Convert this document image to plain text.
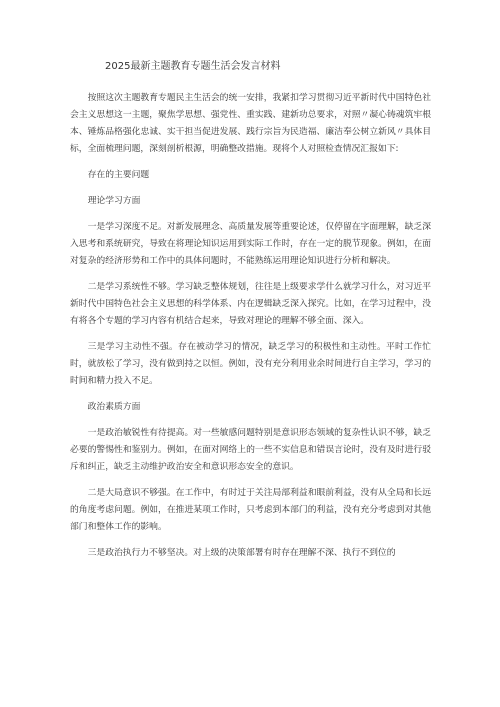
2025最新主题教育专题生活会发言材料

按照这次主题教育专题民主生活会的统一安排，我紧扣学习贯彻习近平新时代中国特色社会主义思想这一主题，聚焦学思想、强党性、重实践、建新功总要求，对照〃凝心铸魂筑牢根本、锤炼品格强化忠诚、实干担当促进发展、践行宗旨为民造福、廉洁奉公树立新风〃具体目标，全面梳理问题，深刻剖析根源，明确整改措施。现将个人对照检查情况汇报如下:

存在的主要问题

理论学习方面

一是学习深度不足。对新发展理念、高质量发展等重要论述，仅停留在字面理解，缺乏深入思考和系统研究，导致在将理论知识运用到实际工作时，存在一定的脱节现象。例如，在面对复杂的经济形势和工作中的具体问题时，不能熟练运用理论知识进行分析和解决。

二是学习系统性不够。学习缺乏整体规划，往往是上级要求学什么就学习什么，对习近平新时代中国特色社会主义思想的科学体系、内在逻辑缺乏深入探究。比如，在学习过程中，没有将各个专题的学习内容有机结合起来，导致对理论的理解不够全面、深入。

三是学习主动性不强。存在被动学习的情况，缺乏学习的积极性和主动性。平时工作忙时，就放松了学习，没有做到持之以恒。例如，没有充分利用业余时间进行自主学习，学习的时间和精力投入不足。

政治素质方面

一是政治敏锐性有待提高。对一些敏感问题特别是意识形态领域的复杂性认识不够，缺乏必要的警惕性和鉴别力。例如，在面对网络上的一些不实信息和错误言论时，没有及时进行驳斥和纠正，缺乏主动维护政治安全和意识形态安全的意识。

二是大局意识不够强。在工作中，有时过于关注局部利益和眼前利益，没有从全局和长远的角度考虑问题。例如，在推进某项工作时，只考虑到本部门的利益，没有充分考虑到对其他部门和整体工作的影响。

三是政治执行力不够坚决。对上级的决策部署有时存在理解不深、执行不到位的
